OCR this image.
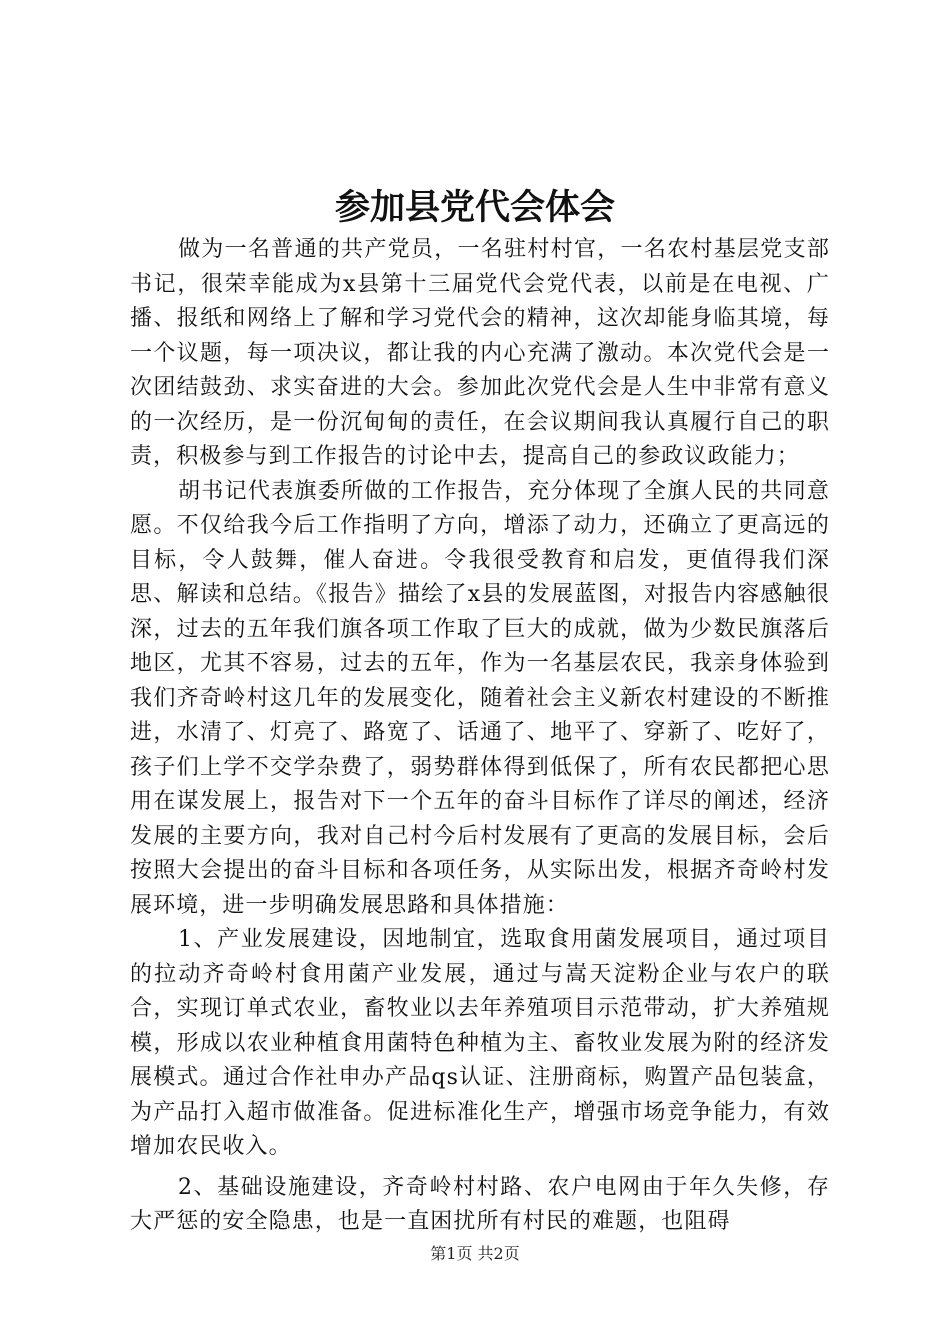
参加县党代会体会

做为一名普通的共产党员，一名驻村村官，一名农村基层党支部书记，很荣幸能成为x县第十三届党代会党代表，以前是在电视、广播、报纸和网络上了解和学习党代会的精神，这次却能身临其境，每一个议题，每一项决议，都让我的内心充满了激动。本次党代会是一次团结鼓劲、求实奋进的大会。参加此次党代会是人生中非常有意义的一次经历，是一份沉甸甸的责任，在会议期间我认真履行自己的职责，积极参与到工作报告的讨论中去，提高自己的参政议政能力；

胡书记代表旗委所做的工作报告，充分体现了全旗人民的共同意愿。不仅给我今后工作指明了方向，增添了动力，还确立了更高远的目标，令人鼓舞，催人奋进。令我很受教育和启发，更值得我们深思、解读和总结。《报告》描绘了x县的发展蓝图，对报告内容感触很深，过去的五年我们旗各项工作取了巨大的成就，做为少数民旗落后地区，尤其不容易，过去的五年，作为一名基层农民，我亲身体验到我们齐奇岭村这几年的发展变化，随着社会主义新农村建设的不断推进，水清了、灯亮了、路宽了、话通了、地平了、穿新了、吃好了，孩子们上学不交学杂费了，弱势群体得到低保了，所有农民都把心思用在谋发展上，报告对下一个五年的奋斗目标作了详尽的阐述，经济发展的主要方向，我对自己村今后村发展有了更高的发展目标，会后按照大会提出的奋斗目标和各项任务，从实际出发，根据齐奇岭村发展环境，进一步明确发展思路和具体措施：

1、产业发展建设，因地制宜，选取食用菌发展项目，通过项目的拉动齐奇岭村食用菌产业发展，通过与嵩天淀粉企业与农户的联合，实现订单式农业，畜牧业以去年养殖项目示范带动，扩大养殖规模，形成以农业种植食用菌特色种植为主、畜牧业发展为附的经济发展模式。通过合作社申办产品qs认证、注册商标，购置产品包装盒，为产品打入超市做准备。促进标准化生产，增强市场竞争能力，有效增加农民收入。

2、基础设施建设，齐奇岭村村路、农户电网由于年久失修，存大严惩的安全隐患，也是一直困扰所有村民的难题，也阻碍

第1页 共2页
